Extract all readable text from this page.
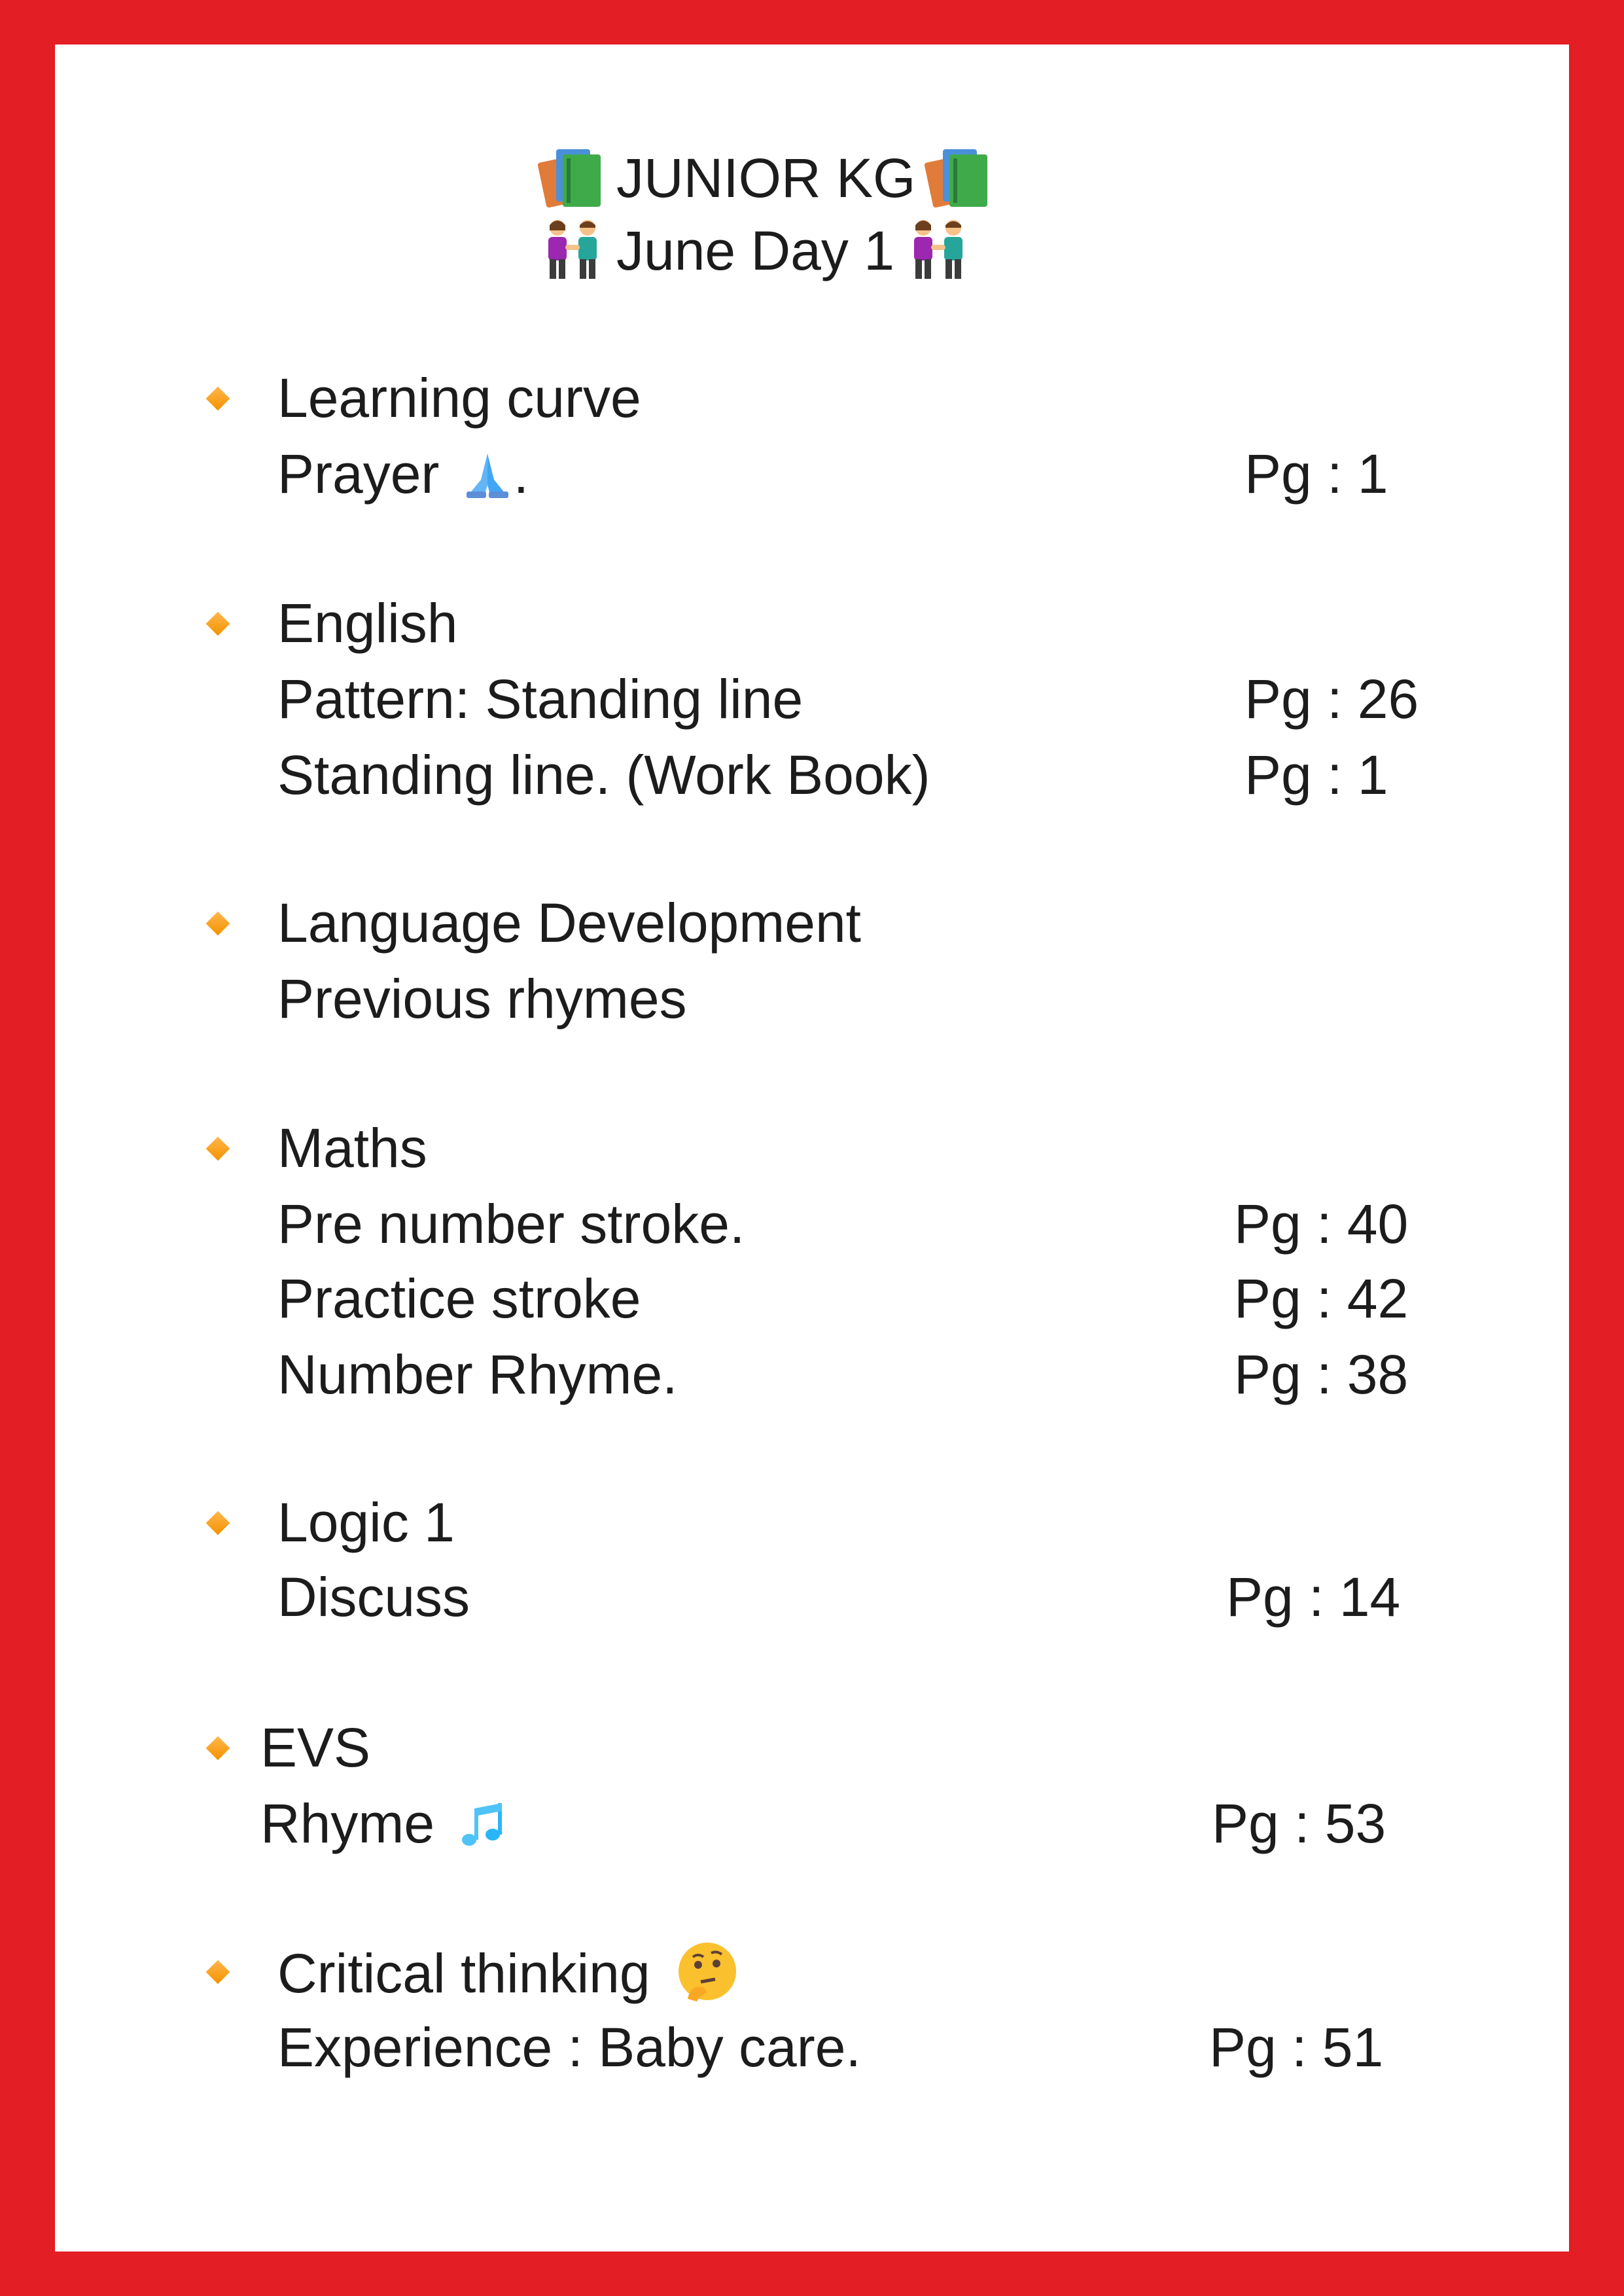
JUNIOR KG
June Day 1
Learning curve
Prayer .	Pg : 1
English
Pattern: Standing line	Pg : 26
Standing line. (Work Book)	Pg : 1
Language Development
Previous rhymes
Maths
Pre number stroke.	Pg : 40
Practice stroke	Pg : 42
Number Rhyme.	Pg : 38
Logic 1
Discuss	Pg : 14
EVS
Rhyme	Pg : 53
Critical thinking
Experience : Baby care.	Pg : 51
